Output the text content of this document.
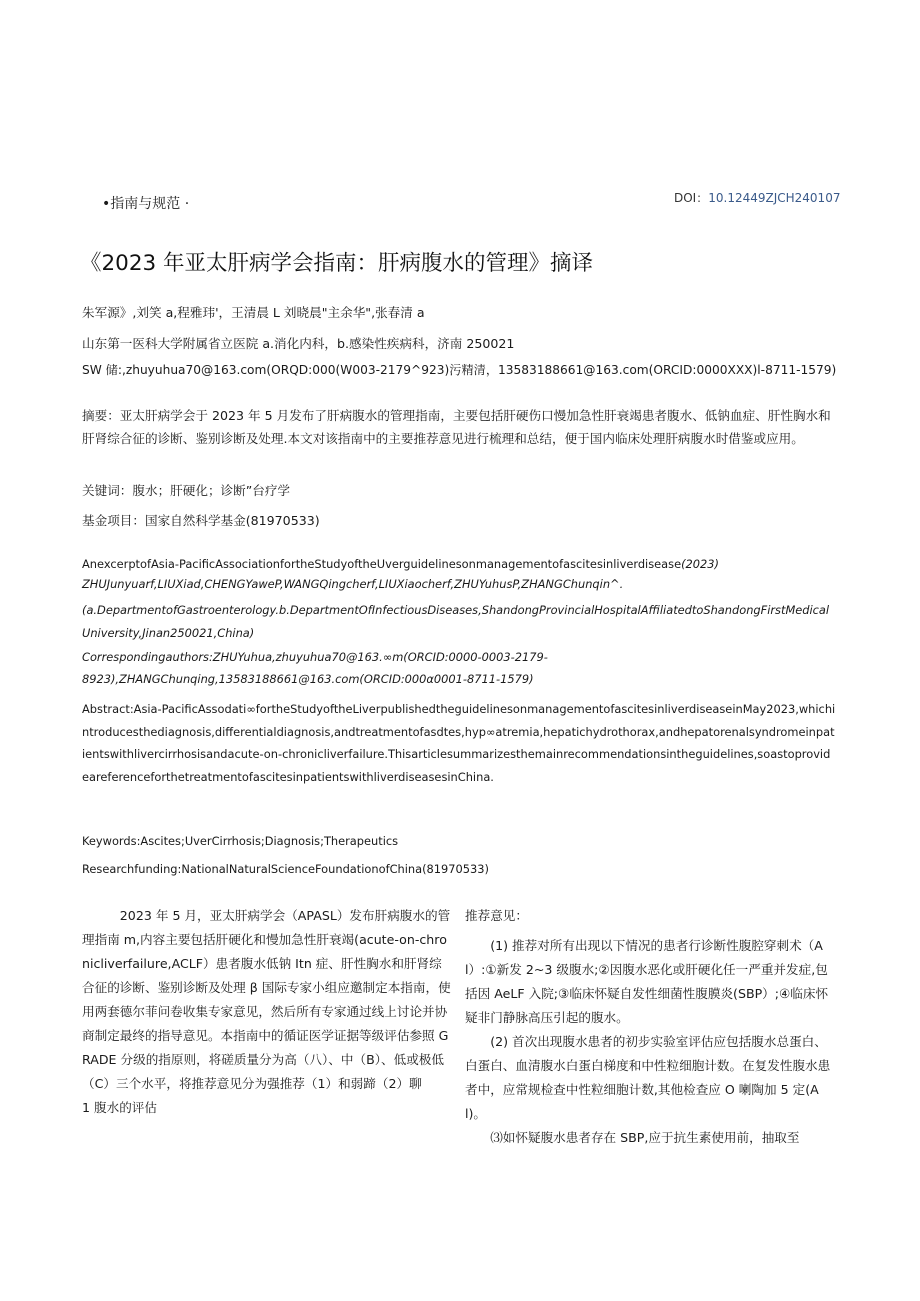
•指南与规范 ·	DOI：10.12449ZJCH240107
《2023 年亚太肝病学会指南：肝病腹水的管理》摘译
朱军源》,刘笑 a,程雅玮'，王清晨 L 刘晓晨"主余华",张春清 a
山东第一医科大学附属省立医院 a.消化内科，b.感染性疾病科，济南 250021
SW 储:,zhuyuhua70@163.com(ORQD:000(W003-2179^923)污精清，13583188661@163.com(ORCID:0000XXX)l-8711-1579)
摘要：亚太肝病学会于 2023 年 5 月发布了肝病腹水的管理指南，主要包括肝硬伤口慢加急性肝衰竭患者腹水、低钠血症、肝性胸水和肝肾综合征的诊断、鉴别诊断及处理.本文对该指南中的主要推荐意见进行梳理和总结，便于国内临床处理肝病腹水时借鉴或应用。
关键词：腹水；肝硬化；诊断”台疗学
基金项目：国家自然科学基金(81970533)
AnexcerptofAsia-PacificAssociationfortheStudyoftheUverguidelinesonmanagementofascitesinliverdisease(2023)
ZHUJunyuarf,LIUXiad,CHENGYaweP,WANGQingcherf,LIUXiaocherf,ZHUYuhusP,ZHANGChunqin^.
(a.DepartmentofGastroenterology.b.DepartmentOfInfectiousDiseases,ShandongProvincialHospitalAffiliatedtoShandongFirstMedicalUniversity,Jinan250021,China)
Correspondingauthors:ZHUYuhua,zhuyuhua70@163.∞m(ORCID:0000-0003-2179-
8923),ZHANGChunqing,13583188661@163.com(ORCID:000α0001-8711-1579)
Abstract:Asia-PacificAssodati∞fortheStudyoftheLiverpublishedtheguidelinesonmanagementofascitesinliverdiseaseinMay2023,whichintroducesthediagnosis,differentialdiagnosis,andtreatmentofasdtes,hyp∞atremia,hepatichydrothorax,andhepatorenalsyndromeinpatientswithlivercirrhosisandacute-on-chronicliverfailure.Thisarticlesummarizesthemainrecommendationsintheguidelines,soastoprovideareferenceforthetreatmentofascitesinpatientswithliverdiseasesinChina.
Keywords:Ascites;UverCirrhosis;Diagnosis;Therapeutics
Researchfunding:NationalNaturalScienceFoundationofChina(81970533)

2023 年 5 月，亚太肝病学会（APASL）发布肝病腹水的管理指南 m,内容主要包括肝硬化和慢加急性肝衰竭(acute-on-chronicliverfailure,ACLF）患者腹水低钠 Itn 症、肝性胸水和肝肾综合征的诊断、鉴别诊断及处理 β 国际专家小组应邀制定本指南，使用两套德尔菲问卷收集专家意见，然后所有专家通过线上讨论并协商制定最终的指导意见。本指南中的循证医学证据等级评估参照 GRADE 分级的指原则，将磋质量分为高（八）、中（B）、低或极低（C）三个水平，将推荐意见分为强推荐（1）和弱蹄（2）聊

1 腹水的评估

推荐意见：

(1) 推荐对所有出现以下情况的患者行诊断性腹腔穿刺术（Al）:①新发 2~3 级腹水;②因腹水恶化或肝硬化任一严重并发症,包括因 AeLF 入院;③临床怀疑自发性细菌性腹膜炎(SBP）;④临床怀疑非门静脉高压引起的腹水。

(2) 首次出现腹水患者的初步实验室评估应包括腹水总蛋白、白蛋白、血清腹水白蛋白梯度和中性粒细胞计数。在复发性腹水患者中，应常规检查中性粒细胞计数,其他检查应 O 喇陶加 5 定(Al)。

⑶如怀疑腹水患者存在 SBP,应于抗生素使用前，抽取至
